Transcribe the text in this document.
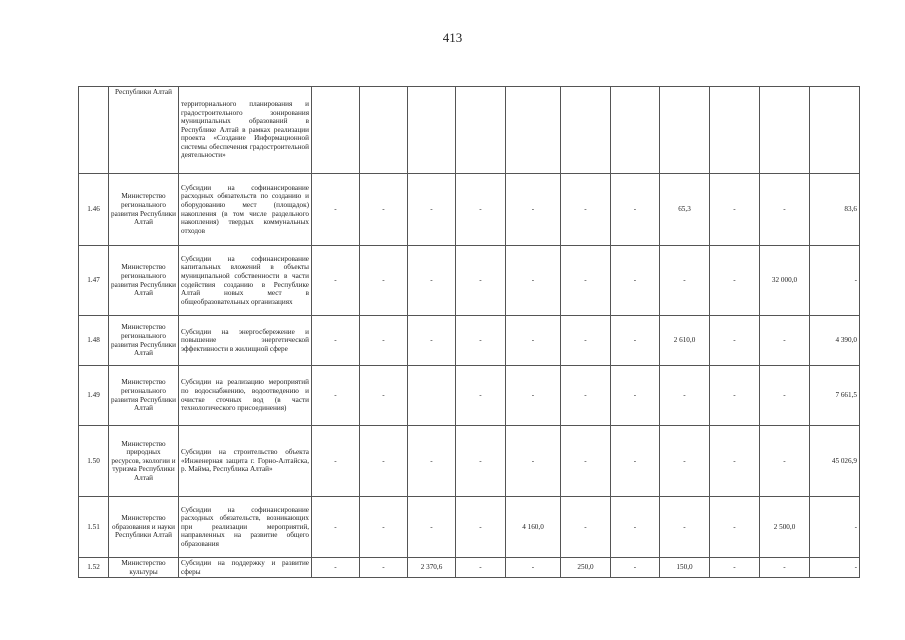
413
	Республики Алтай	территориального планирования и градостроительного зонирования муниципальных образований в Республике Алтай в рамках реализации проекта «Создание Информационной системы обеспечения градостроительной деятельности»											
1.46	Министерство регионального развития Республики Алтай	Субсидии на софинансирование расходных обязательств по созданию и оборудованию мест (площадок) накопления (в том числе раздельного накопления) твердых коммунальных отходов	-	-	-	-	-	-	-	65,3	-	-	83,6
1.47	Министерство регионального развития Республики Алтай	Субсидии на софинансирование капитальных вложений в объекты муниципальной собственности в части содействия созданию в Республике Алтай новых мест в общеобразовательных организациях	-	-	-	-	-	-	-	-	-	32 000,0	-
1.48	Министерство регионального развития Республики Алтай	Субсидии на энергосбережение и повышение энергетической эффективности в жилищной сфере	-	-	-	-	-	-	-	2 610,0	-	-	4 390,0
1.49	Министерство регионального развития Республики Алтай	Субсидии на реализацию мероприятий по водоснабжению, водоотведению и очистке сточных вод (в части технологического присоединения)	-	-		-	-	-	-	-	-	-	7 661,5
1.50	Министерство природных ресурсов, экологии и туризма Республики Алтай	Субсидии на строительство объекта «Инженерная защита г. Горно-Алтайска, р. Майма, Республика Алтай»	-	-	-	-	-	-	-	-	-	-	45 026,9
1.51	Министерство образования и науки Республики Алтай	Субсидии на софинансирование расходных обязательств, возникающих при реализации мероприятий, направленных на развитие общего образования	-	-	-	-	4 160,0	-	-	-	-	2 500,0	-
1.52	Министерство культуры	Субсидии на поддержку и развитие сферы	-	-	2 370,6	-	-	250,0	-	150,0	-	-	-
